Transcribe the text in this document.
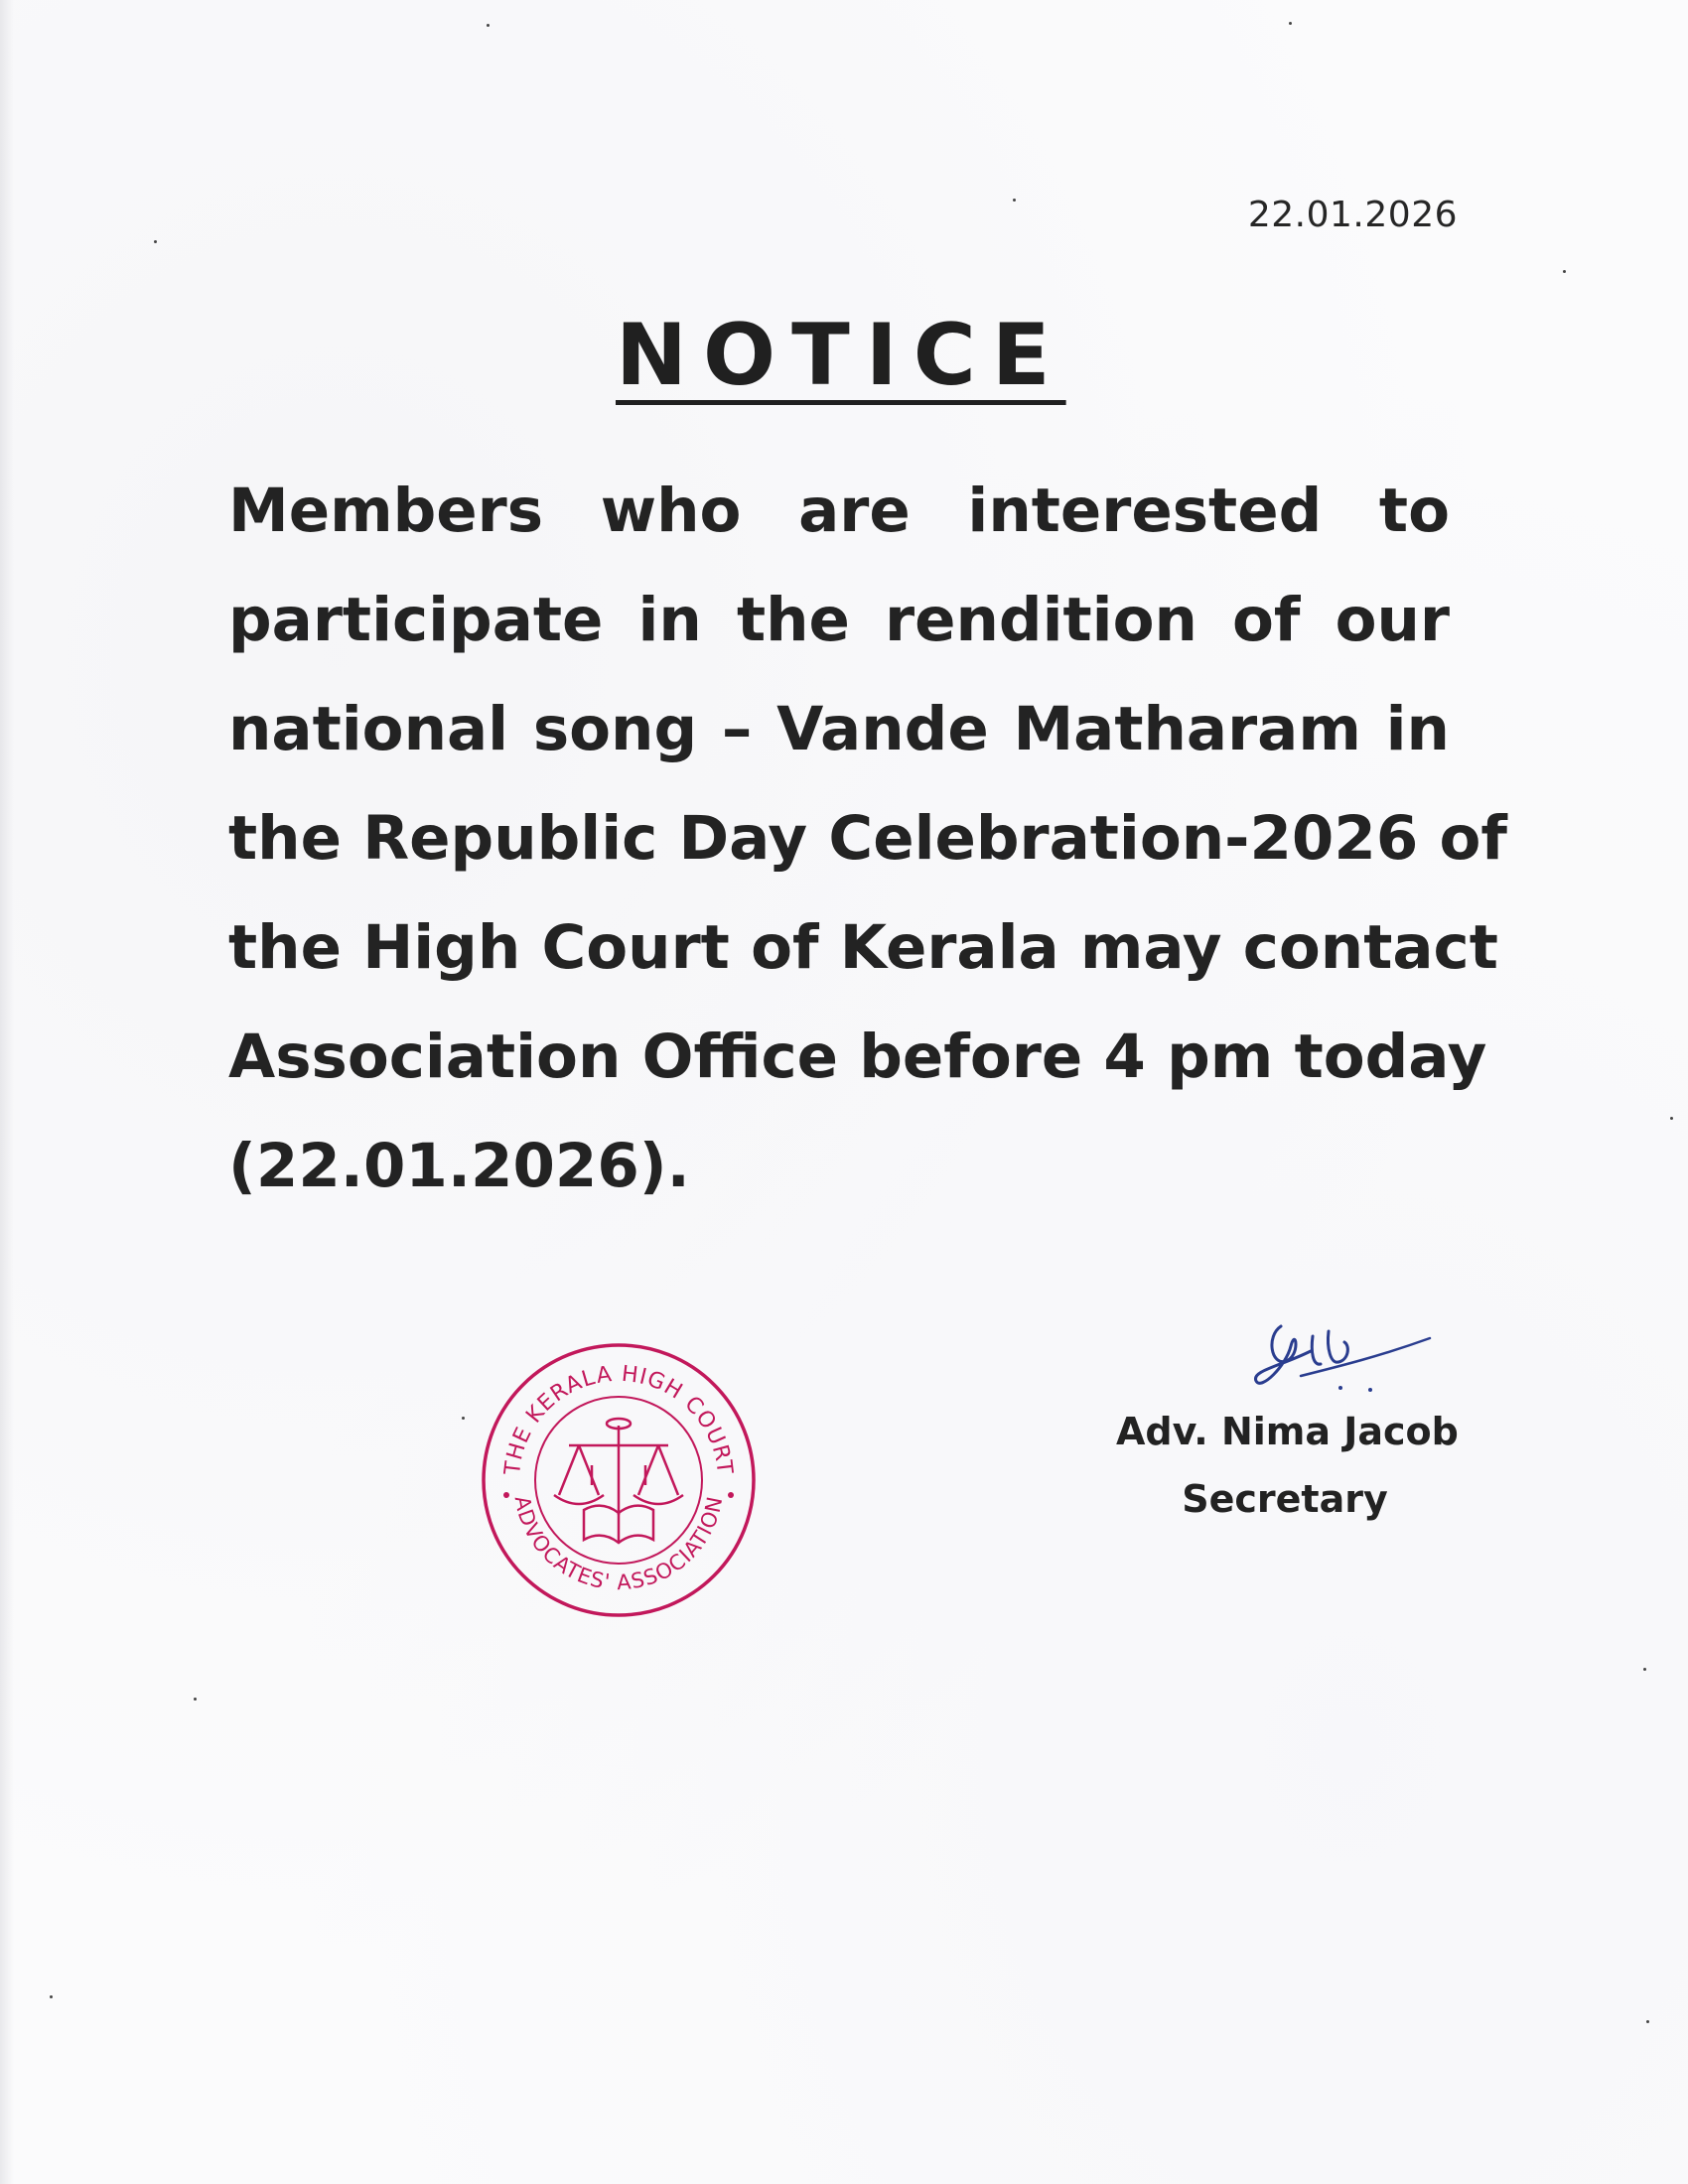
22.01.2026
NOTICE
Members who are interested to
participate in the rendition of our
national song – Vande Matharam in
the Republic Day Celebration-2026 of
the High Court of Kerala may contact
Association Office before 4 pm today
(22.01.2026).
THE KERALA HIGH COURT
ADVOCATES' ASSOCIATION
Adv. Nima Jacob
Secretary
